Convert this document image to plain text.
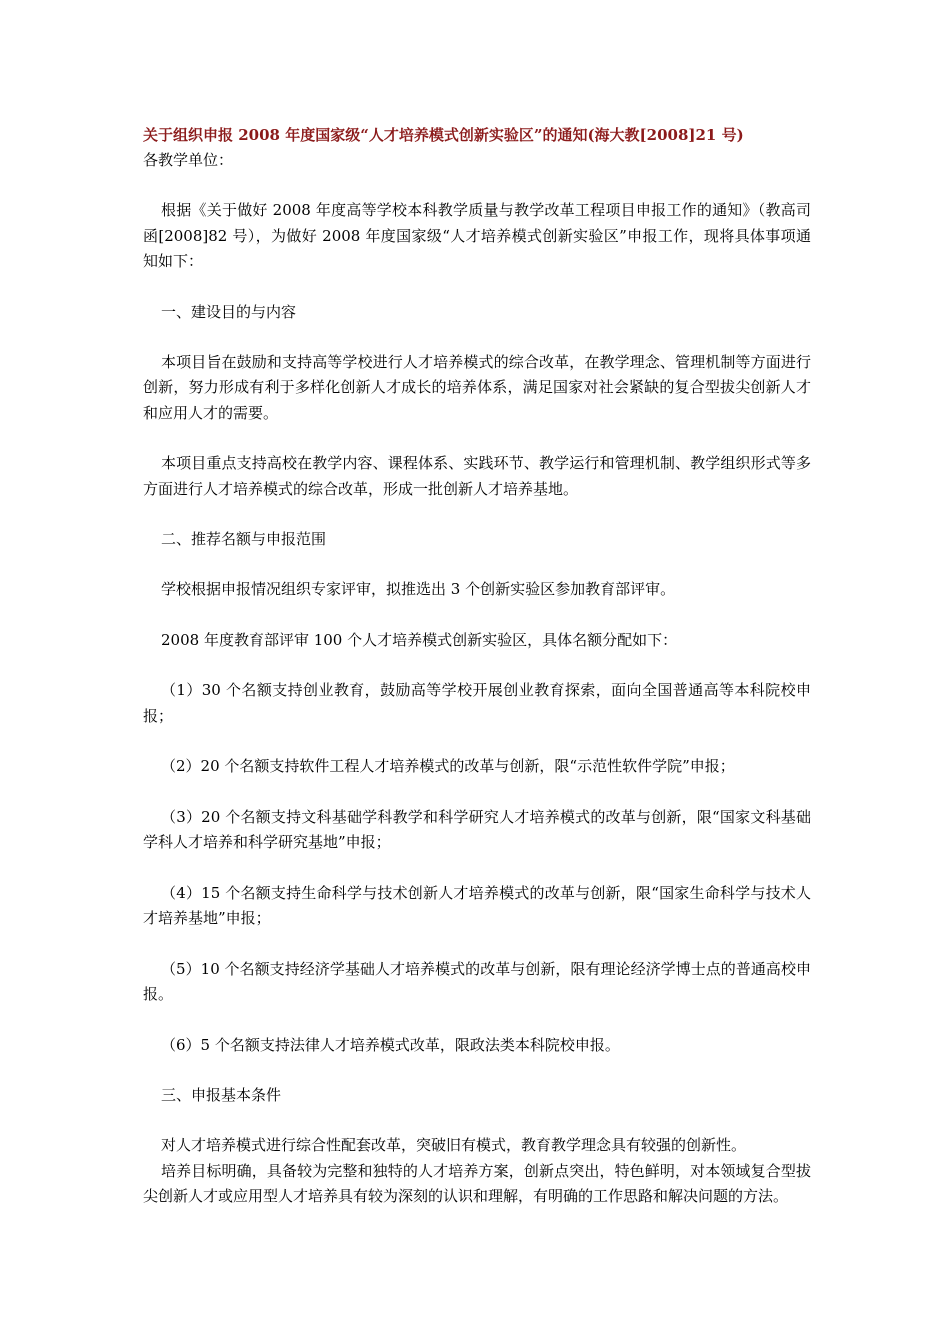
关于组织申报 2008 年度国家级“人才培养模式创新实验区”的通知(海大教[2008]21 号)

各教学单位：

根据《关于做好 2008 年度高等学校本科教学质量与教学改革工程项目申报工作的通知》（教高司函[2008]82 号），为做好 2008 年度国家级“人才培养模式创新实验区”申报工作，现将具体事项通知如下：

一、建设目的与内容

本项目旨在鼓励和支持高等学校进行人才培养模式的综合改革，在教学理念、管理机制等方面进行创新，努力形成有利于多样化创新人才成长的培养体系，满足国家对社会紧缺的复合型拔尖创新人才和应用人才的需要。

本项目重点支持高校在教学内容、课程体系、实践环节、教学运行和管理机制、教学组织形式等多方面进行人才培养模式的综合改革，形成一批创新人才培养基地。

二、推荐名额与申报范围

学校根据申报情况组织专家评审，拟推选出 3 个创新实验区参加教育部评审。

2008 年度教育部评审 100 个人才培养模式创新实验区，具体名额分配如下：

（1）30 个名额支持创业教育，鼓励高等学校开展创业教育探索，面向全国普通高等本科院校申报；

（2）20 个名额支持软件工程人才培养模式的改革与创新，限“示范性软件学院”申报；

（3）20 个名额支持文科基础学科教学和科学研究人才培养模式的改革与创新，限“国家文科基础学科人才培养和科学研究基地”申报；

（4）15 个名额支持生命科学与技术创新人才培养模式的改革与创新，限“国家生命科学与技术人才培养基地”申报；

（5）10 个名额支持经济学基础人才培养模式的改革与创新，限有理论经济学博士点的普通高校申报。

（6）5 个名额支持法律人才培养模式改革，限政法类本科院校申报。

三、申报基本条件

对人才培养模式进行综合性配套改革，突破旧有模式，教育教学理念具有较强的创新性。

培养目标明确，具备较为完整和独特的人才培养方案，创新点突出，特色鲜明，对本领域复合型拔尖创新人才或应用型人才培养具有较为深刻的认识和理解，有明确的工作思路和解决问题的方法。
